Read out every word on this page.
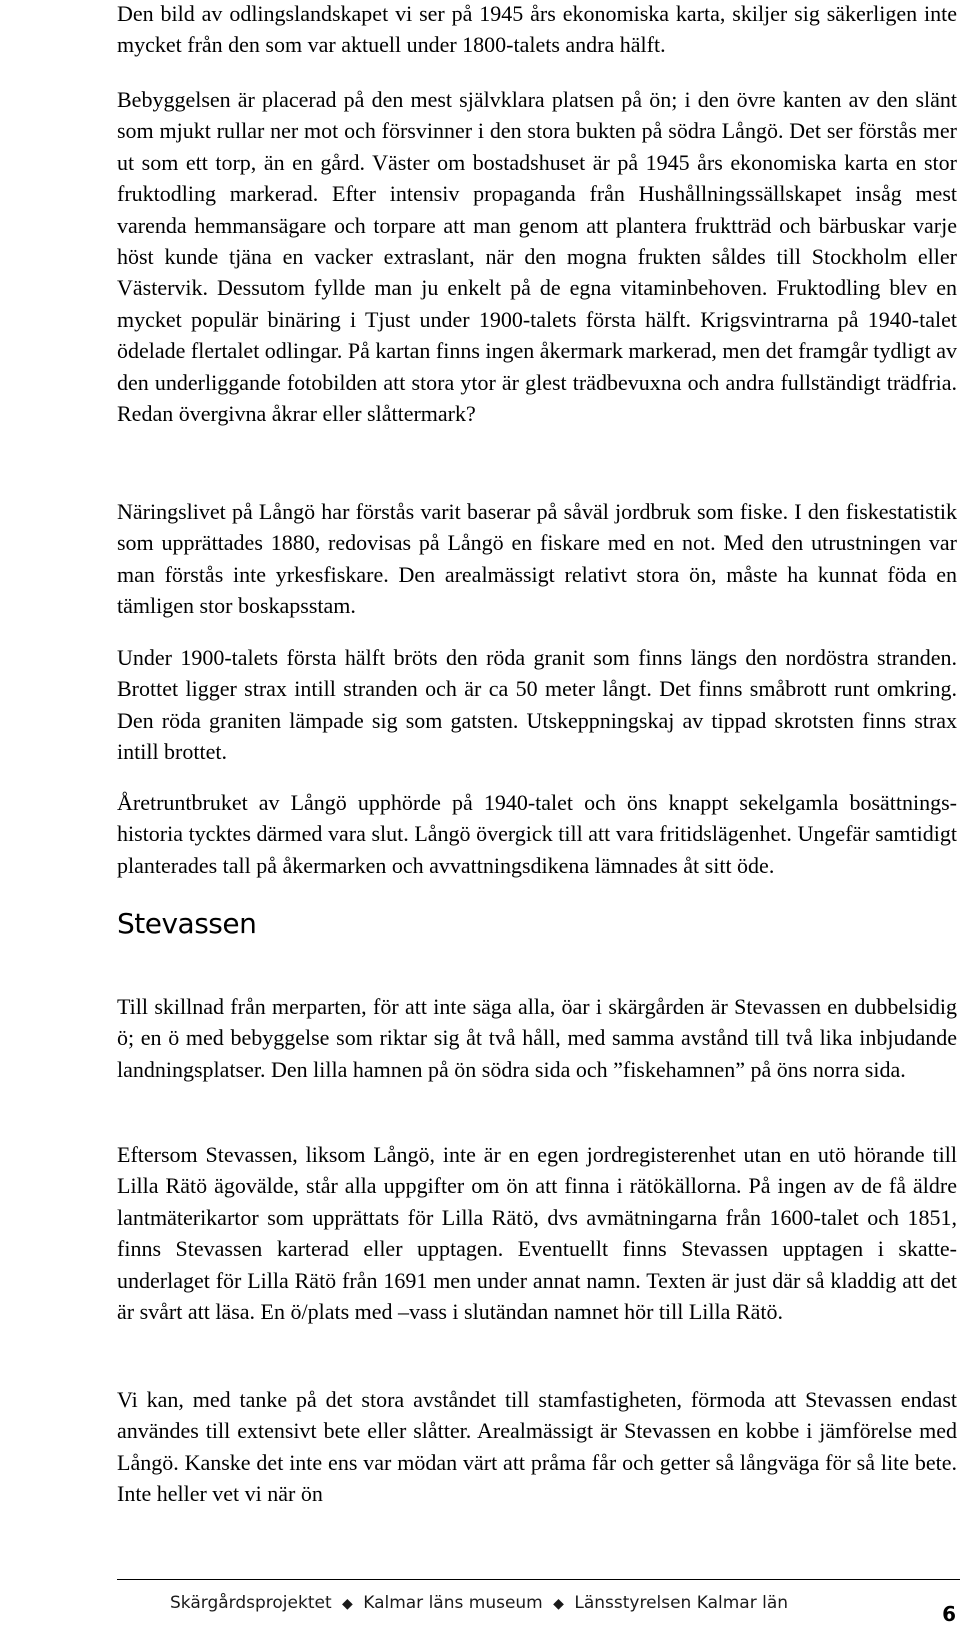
Den bild av odlingslandskapet vi ser på 1945 års ekonomiska karta, skiljer sig säkerligen inte mycket från den som var aktuell under 1800-talets andra hälft.

Bebyggelsen är placerad på den mest självklara platsen på ön; i den övre kanten av den slänt som mjukt rullar ner mot och försvinner i den stora bukten på södra Långö. Det ser förstås mer ut som ett torp, än en gård. Väster om bostadshuset är på 1945 års ekonomiska karta en stor fruktodling markerad. Efter intensiv propaganda från Hushållningssällskapet insåg mest varenda hemmansägare och torpare att man genom att plantera fruktträd och bärbuskar varje höst kunde tjäna en vacker extraslant, när den mogna frukten såldes till Stockholm eller Västervik. Dessutom fyllde man ju enkelt på de egna vitaminbehoven. Fruktodling blev en mycket populär binäring i Tjust under 1900-talets första hälft. Krigsvintrarna på 1940-talet ödelade flertalet odlingar. På kartan finns ingen åkermark markerad, men det framgår tydligt av den underliggande fotobilden att stora ytor är glest trädbevuxna och andra fullständigt trädfria. Redan övergivna åkrar eller slåttermark?

Näringslivet på Långö har förstås varit baserar på såväl jordbruk som fiske. I den fiskestatistik som upprättades 1880, redovisas på Långö en fiskare med en not. Med den utrustningen var man förstås inte yrkesfiskare. Den arealmässigt relativt stora ön, måste ha kunnat föda en tämligen stor boskapsstam.

Under 1900-talets första hälft bröts den röda granit som finns längs den nordöstra stranden. Brottet ligger strax intill stranden och är ca 50 meter långt. Det finns småbrott runt omkring. Den röda graniten lämpade sig som gatsten. Utskeppningskaj av tippad skrotsten finns strax intill brottet.

Åretruntbruket av Långö upphörde på 1940-talet och öns knappt sekelgamla bosättnings- historia tycktes därmed vara slut. Långö övergick till att vara fritidslägenhet. Ungefär samtidigt planterades tall på åkermarken och avvattningsdikena lämnades åt sitt öde.

Till skillnad från merparten, för att inte säga alla, öar i skärgården är Stevassen en dubbelsidig ö; en ö med bebyggelse som riktar sig åt två håll, med samma avstånd till två lika inbjudande landningsplatser. Den lilla hamnen på ön södra sida och ”fiskehamnen” på öns norra sida.

Eftersom Stevassen, liksom Långö, inte är en egen jordregisterenhet utan en utö hörande till Lilla Rätö ägovälde, står alla uppgifter om ön att finna i rätökällorna. På ingen av de få äldre lantmäterikartor som upprättats för Lilla Rätö, dvs avmätningarna från 1600-talet och 1851, finns Stevassen karterad eller upptagen. Eventuellt finns Stevassen upptagen i skatte- underlaget för Lilla Rätö från 1691 men under annat namn. Texten är just där så kladdig att det är svårt att läsa. En ö/plats med –vass i slutändan namnet hör till Lilla Rätö.

Vi kan, med tanke på det stora avståndet till stamfastigheten, förmoda att Stevassen endast användes till extensivt bete eller slåtter. Arealmässigt är Stevassen en kobbe i jämförelse med Långö. Kanske det inte ens var mödan värt att pråma får och getter så långväga för så lite bete. Inte heller vet vi när ön

Stevassen
Skärgårdsprojektet ◆ Kalmar läns museum ◆ Länsstyrelsen Kalmar län	6
